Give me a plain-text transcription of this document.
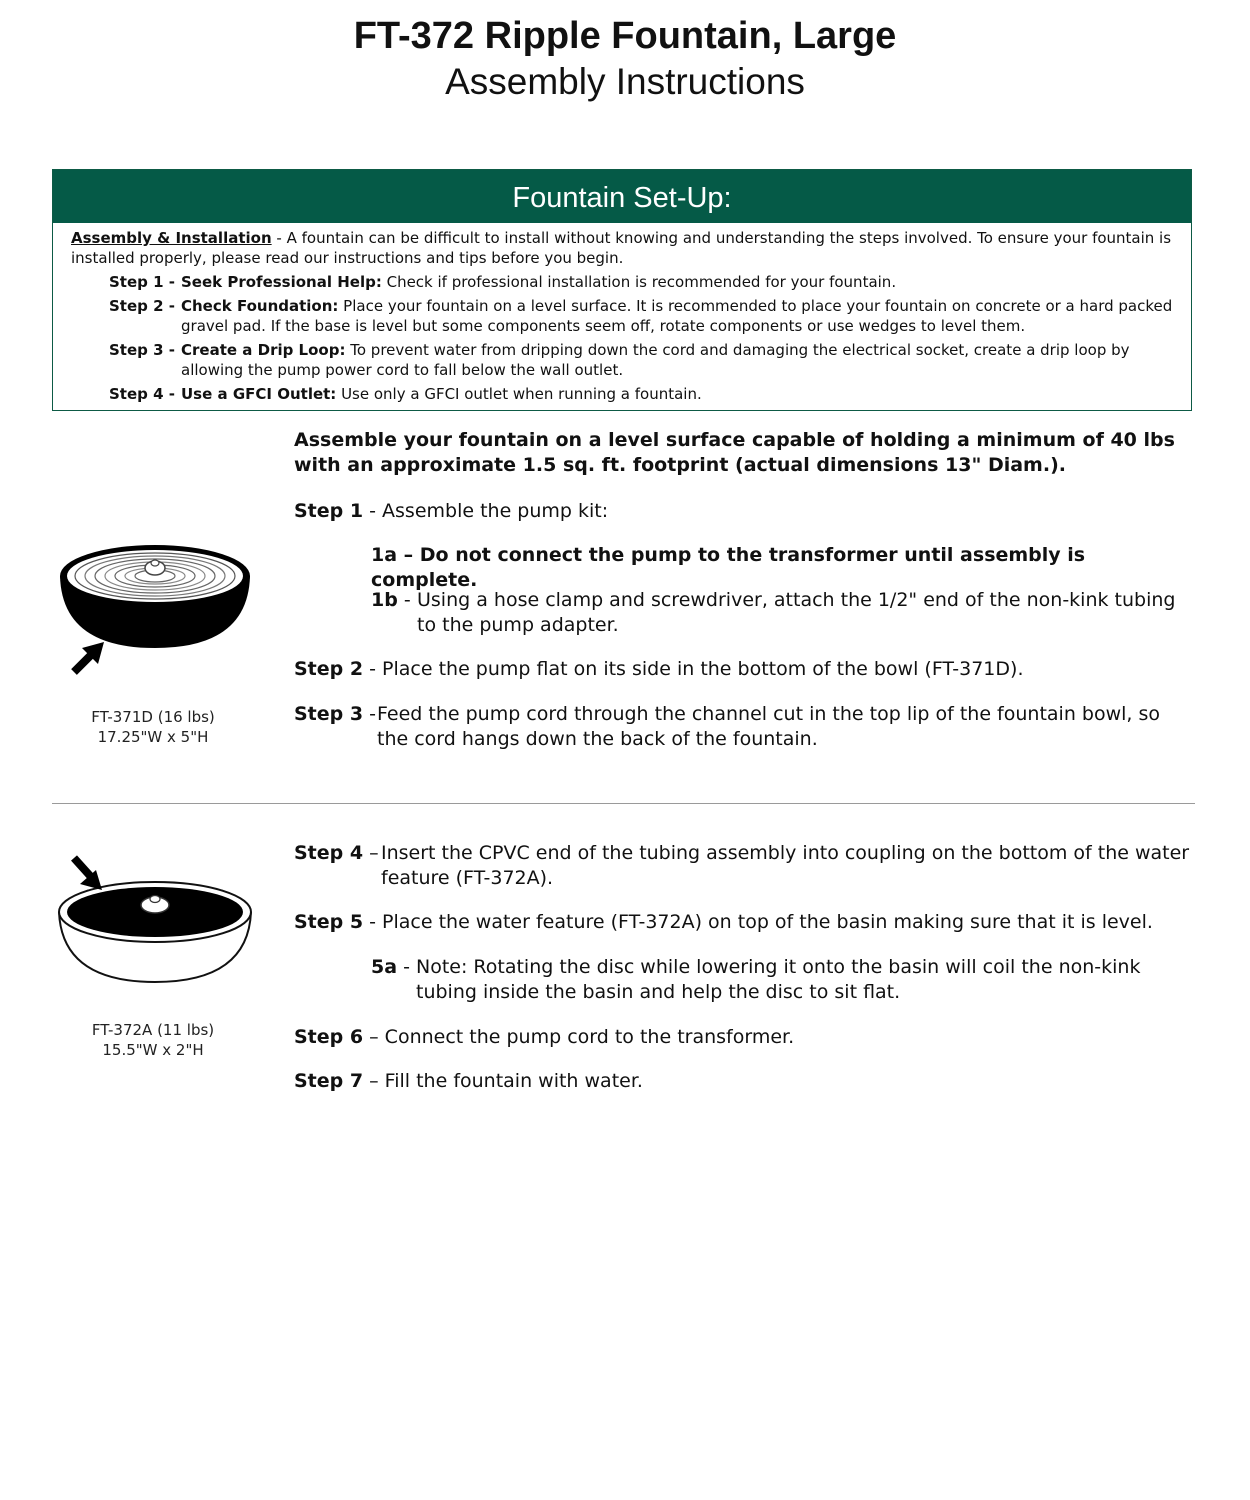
FT-372 Ripple Fountain, Large
Assembly Instructions
Fountain Set-Up:
Assembly & Installation - A fountain can be difficult to install without knowing and understanding the steps involved. To ensure your fountain is installed properly, please read our instructions and tips before you begin.
Step 1 - Seek Professional Help: Check if professional installation is recommended for your fountain.
Step 2 - Check Foundation: Place your fountain on a level surface. It is recommended to place your fountain on concrete or a hard packed gravel pad. If the base is level but some components seem off, rotate components or use wedges to level them.
Step 3 - Create a Drip Loop: To prevent water from dripping down the cord and damaging the electrical socket, create a drip loop by allowing the pump power cord to fall below the wall outlet.
Step 4 - Use a GFCI Outlet: Use only a GFCI outlet when running a fountain.
FT-371D (16 lbs)
17.25"W x 5"H
Assemble your fountain on a level surface capable of holding a minimum of 40 lbs with an approximate 1.5 sq. ft. footprint (actual dimensions 13" Diam.).
Step 1 - Assemble the pump kit:
1a – Do not connect the pump to the transformer until assembly is complete.
1b - Using a hose clamp and screwdriver, attach the 1/2" end of the non-kink tubing to the pump adapter.
Step 2 - Place the pump flat on its side in the bottom of the bowl (FT-371D).
Step 3 - Feed the pump cord through the channel cut in the top lip of the fountain bowl, so the cord hangs down the back of the fountain.
FT-372A (11 lbs)
15.5"W x 2"H
Step 4 – Insert the CPVC end of the tubing assembly into coupling on the bottom of the water feature (FT-372A).
Step 5 - Place the water feature (FT-372A) on top of the basin making sure that it is level.
5a - Note: Rotating the disc while lowering it onto the basin will coil the non-kink tubing inside the basin and help the disc to sit flat.
Step 6 – Connect the pump cord to the transformer.
Step 7 – Fill the fountain with water.
